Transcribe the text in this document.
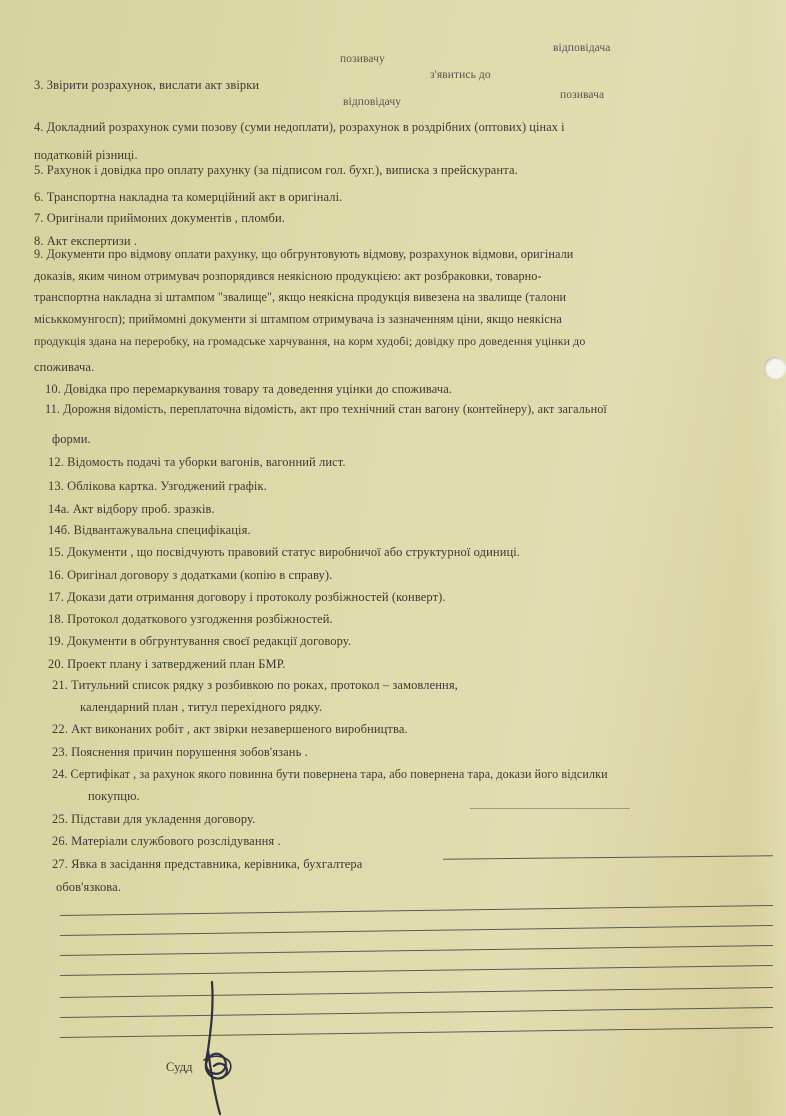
позивачу
відповідача
з'явитись до
відповідачу
позивача
3. Звірити розрахунок, вислати акт звірки
4. Докладний розрахунок суми позову (суми недоплати), розрахунок в роздрібних (оптових) цінах і
податковій різниці.
5. Рахунок і довідка про оплату рахунку (за підписом гол. бухг.), виписка з прейскуранта.
6. Транспортна накладна та комерційний акт в оригіналі.
7. Оригінали приймоних документів , пломби.
8. Акт експертизи .
9. Документи про відмову оплати рахунку, що обгрунтовують відмову, розрахунок відмови, оригінали
доказів, яким чином отримувач розпорядився неякісною продукцією: акт розбраковки, товарно-
транспортна накладна зі штампом "звалище", якщо неякісна продукція вивезена на звалище (талони
міськкомунгосп); приймомні документи зі штампом отримувача із зазначенням ціни, якщо неякісна
продукція здана на переробку, на громадське харчування, на корм худобі; довідку про доведення уцінки до
споживача.
10. Довідка про перемаркування товару та доведення уцінки до споживача.
11. Дорожня відомість, переплаточна відомість, акт про технічний стан вагону (контейнеру), акт загальної
форми.
12. Відомость подачі та уборки вагонів, вагонний лист.
13. Облікова картка. Узгоджений графік.
14а. Акт відбору проб. зразків.
14б. Відвантажувальна специфікація.
15. Документи , що посвідчують правовий статус виробничої або структурної одиниці.
16. Оригінал договору з додатками (копію в справу).
17. Докази дати отримання договору і протоколу розбіжностей (конверт).
18. Протокол додаткового узгодження розбіжностей.
19. Документи в обгрунтування своєї редакції договору.
20. Проект плану і затверджений план БМР.
21. Титульний список рядку з розбивкою по роках, протокол – замовлення,
календарний план , титул перехідного рядку.
22. Акт виконаних робіт , акт звірки незавершеного виробництва.
23. Пояснення причин порушення зобов'язань .
24. Сертифікат , за рахунок якого повинна бути повернена тара, або повернена тара, докази його відсилки
покупцю.
25. Підстави для укладення договору.
26. Матеріали службового розслідування .
27. Явка в засідання представника, керівника, бухгалтера
обов'язкова.
Судд
